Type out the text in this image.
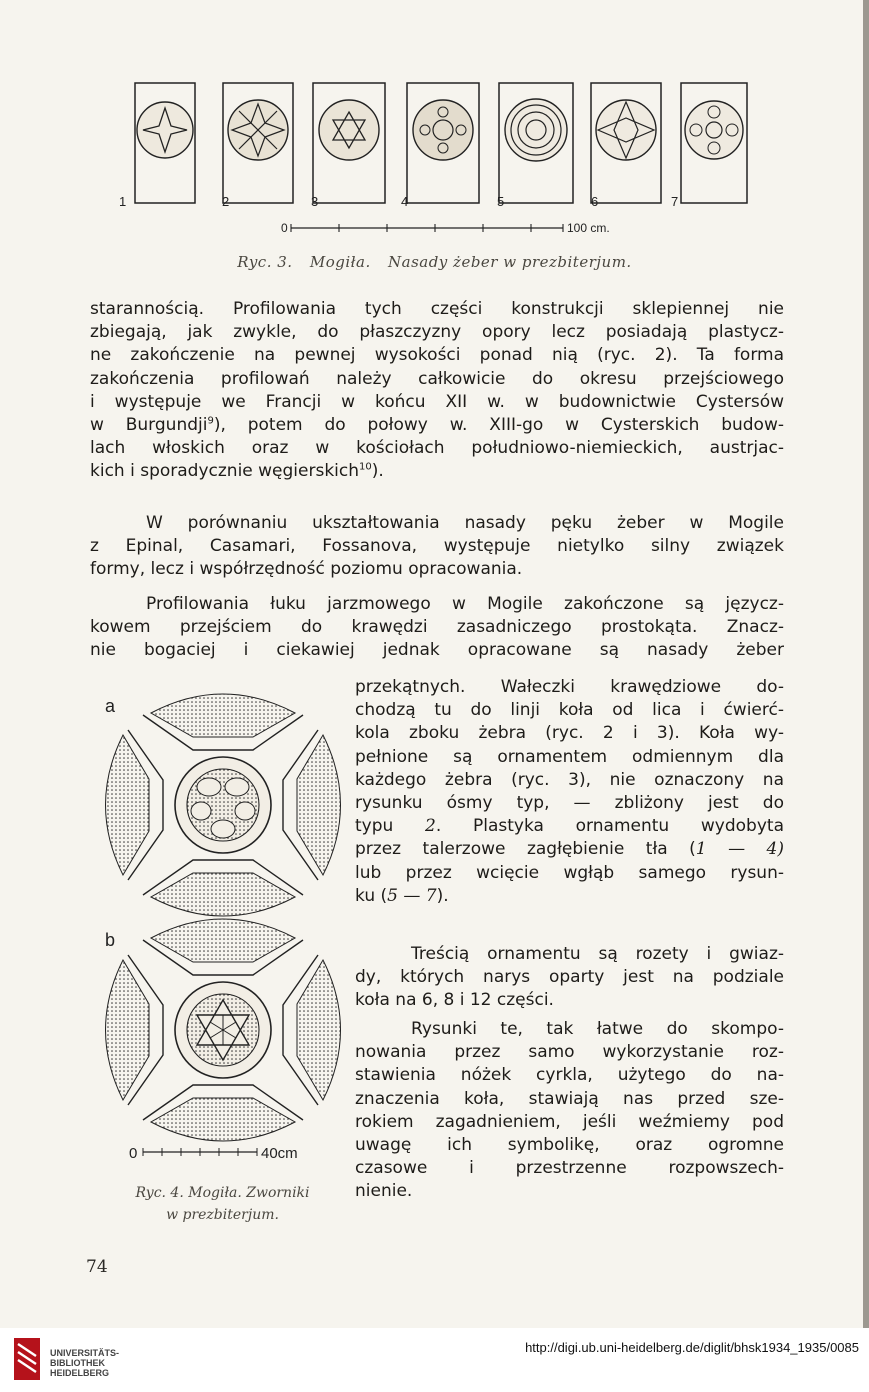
1	2	3	4	5	6	7
0	100 cm.
Ryc. 3. Mogiła. Nasady żeber w prezbiterjum.
starannością. Profilowania tych części konstrukcji sklepiennej nie
zbiegają, jak zwykle, do płaszczyzny opory lecz posiadają plastycz-
ne zakończenie na pewnej wysokości ponad nią (ryc. 2). Ta forma
zakończenia profilowań należy całkowicie do okresu przejściowego
i występuje we Francji w końcu XII w. w budownictwie Cystersów
w Burgundji$^9$), potem do połowy w. XIII-go w Cysterskich budow-
lach włoskich oraz w kościołach południowo-niemieckich, austrjac-
kich i sporadycznie węgierskich$^{10}$).
W porównaniu ukształtowania nasady pęku żeber w Mogile
z Epinal, Casamari, Fossanova, występuje nietylko silny związek
formy, lecz i współrzędność poziomu opracowania.
Profilowania łuku jarzmowego w Mogile zakończone są języcz-
kowem przejściem do krawędzi zasadniczego prostokąta. Znacz-
nie bogaciej i ciekawiej jednak opracowane są nasady żeber
przekątnych. Wałeczki krawędziowe do-
chodzą tu do linji koła od lica i ćwierć-
kola zboku żebra (ryc. 2 i 3). Koła wy-
pełnione są ornamentem odmiennym dla
każdego żebra (ryc. 3), nie oznaczony na
rysunku ósmy typ, — zbliżony jest do
typu 2. Plastyka ornamentu wydobyta
przez talerzowe zagłębienie tła (1 — 4)
lub przez wcięcie wgłąb samego rysun-
ku (5 — 7).
Treścią ornamentu są rozety i gwiaz-
dy, których narys oparty jest na podziale
koła na 6, 8 i 12 części.
Rysunki te, tak łatwe do skompo-
nowania przez samo wykorzystanie roz-
stawienia nóżek cyrkla, użytego do na-
znaczenia koła, stawiają nas przed sze-
rokiem zagadnieniem, jeśli weźmiemy pod
uwagę ich symbolikę, oraz ogromne
czasowe i przestrzenne rozpowszech-
nienie.
a
b
0	40cm
Ryc. 4. Mogiła. Zworniki
w prezbiterjum.
74
UNIVERSITÄTS-
BIBLIOTHEK
HEIDELBERG
http://digi.ub.uni-heidelberg.de/diglit/bhsk1934_1935/0085
